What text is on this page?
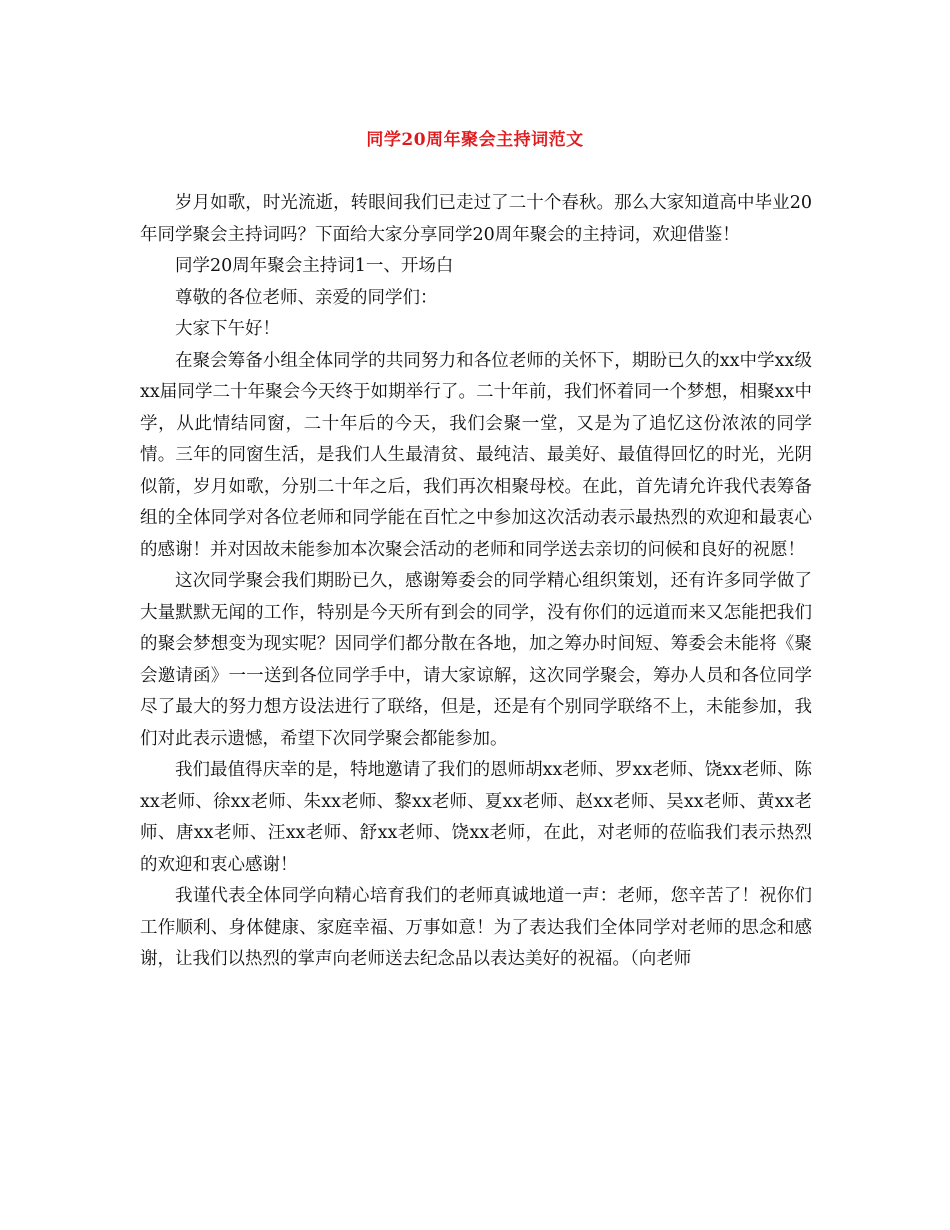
同学20周年聚会主持词范文

岁月如歌，时光流逝，转眼间我们已走过了二十个春秋。那么大家知道高中毕业20年同学聚会主持词吗？下面给大家分享同学20周年聚会的主持词，欢迎借鉴！

同学20周年聚会主持词1一、开场白

尊敬的各位老师、亲爱的同学们：

大家下午好！

在聚会筹备小组全体同学的共同努力和各位老师的关怀下，期盼已久的xx中学xx级xx届同学二十年聚会今天终于如期举行了。二十年前，我们怀着同一个梦想，相聚xx中学，从此情结同窗，二十年后的今天，我们会聚一堂，又是为了追忆这份浓浓的同学情。三年的同窗生活，是我们人生最清贫、最纯洁、最美好、最值得回忆的时光，光阴似箭，岁月如歌，分别二十年之后，我们再次相聚母校。在此，首先请允许我代表筹备组的全体同学对各位老师和同学能在百忙之中参加这次活动表示最热烈的欢迎和最衷心的感谢！并对因故未能参加本次聚会活动的老师和同学送去亲切的问候和良好的祝愿！

这次同学聚会我们期盼已久，感谢筹委会的同学精心组织策划，还有许多同学做了大量默默无闻的工作，特别是今天所有到会的同学，没有你们的远道而来又怎能把我们的聚会梦想变为现实呢？因同学们都分散在各地，加之筹办时间短、筹委会未能将《聚会邀请函》一一送到各位同学手中，请大家谅解，这次同学聚会，筹办人员和各位同学尽了最大的努力想方设法进行了联络，但是，还是有个别同学联络不上，未能参加，我们对此表示遗憾，希望下次同学聚会都能参加。

我们最值得庆幸的是，特地邀请了我们的恩师胡xx老师、罗xx老师、饶xx老师、陈xx老师、徐xx老师、朱xx老师、黎xx老师、夏xx老师、赵xx老师、吴xx老师、黄xx老师、唐xx老师、汪xx老师、舒xx老师、饶xx老师，在此，对老师的莅临我们表示热烈的欢迎和衷心感谢！

我谨代表全体同学向精心培育我们的老师真诚地道一声：老师，您辛苦了！祝你们工作顺利、身体健康、家庭幸福、万事如意！为了表达我们全体同学对老师的思念和感谢，让我们以热烈的掌声向老师送去纪念品以表达美好的祝福。（向老师
